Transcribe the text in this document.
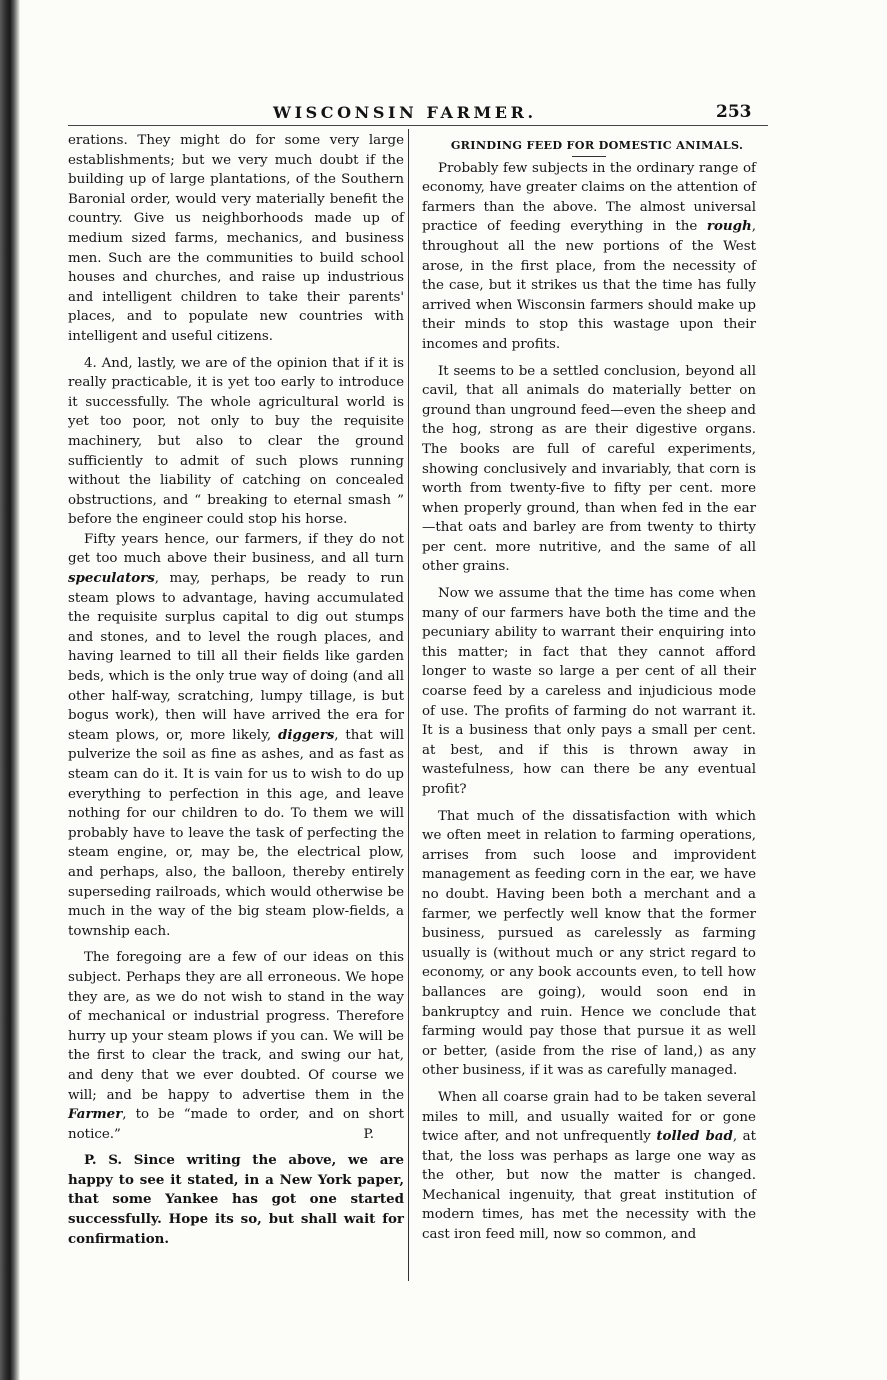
WISCONSIN FARMER.	253

erations. They might do for some very large establishments; but we very much doubt if the building up of large plantations, of the Southern Baronial order, would very materially benefit the country. Give us neighborhoods made up of medium sized farms, mechanics, and business men. Such are the communities to build school houses and churches, and raise up industrious and intelligent children to take their parents' places, and to populate new countries with intelligent and useful citizens.

4. And, lastly, we are of the opinion that if it is really practicable, it is yet too early to introduce it successfully. The whole agricultural world is yet too poor, not only to buy the requisite machinery, but also to clear the ground sufficiently to admit of such plows running without the liability of catching on concealed obstructions, and “ breaking to eternal smash ” before the engineer could stop his horse.

Fifty years hence, our farmers, if they do not get too much above their business, and all turn speculators, may, perhaps, be ready to run steam plows to advantage, having accumulated the requisite surplus capital to dig out stumps and stones, and to level the rough places, and having learned to till all their fields like garden beds, which is the only true way of doing (and all other half-way, scratching, lumpy tillage, is but bogus work), then will have arrived the era for steam plows, or, more likely, diggers, that will pulverize the soil as fine as ashes, and as fast as steam can do it. It is vain for us to wish to do up everything to perfection in this age, and leave nothing for our children to do. To them we will probably have to leave the task of perfecting the steam engine, or, may be, the electrical plow, and perhaps, also, the balloon, thereby entirely superseding railroads, which would otherwise be much in the way of the big steam plow-fields, a township each.

The foregoing are a few of our ideas on this subject. Perhaps they are all erroneous. We hope they are, as we do not wish to stand in the way of mechanical or industrial progress. Therefore hurry up your steam plows if you can. We will be the first to clear the track, and swing our hat, and deny that we ever doubted. Of course we will; and be happy to advertise them in the Farmer, to be “made to order, and on short notice.”	P.

P. S. Since writing the above, we are happy to see it stated, in a New York paper, that some Yankee has got one started successfully. Hope its so, but shall wait for confirmation.

GRINDING FEED FOR DOMESTIC ANIMALS.

Probably few subjects in the ordinary range of economy, have greater claims on the attention of farmers than the above. The almost universal practice of feeding everything in the rough, throughout all the new portions of the West arose, in the first place, from the necessity of the case, but it strikes us that the time has fully arrived when Wisconsin farmers should make up their minds to stop this wastage upon their incomes and profits.

It seems to be a settled conclusion, beyond all cavil, that all animals do materially better on ground than unground feed—even the sheep and the hog, strong as are their digestive organs. The books are full of careful experiments, showing conclusively and invariably, that corn is worth from twenty-five to fifty per cent. more when properly ground, than when fed in the ear—that oats and barley are from twenty to thirty per cent. more nutritive, and the same of all other grains.

Now we assume that the time has come when many of our farmers have both the time and the pecuniary ability to warrant their enquiring into this matter; in fact that they cannot afford longer to waste so large a per cent of all their coarse feed by a careless and injudicious mode of use. The profits of farming do not warrant it. It is a business that only pays a small per cent. at best, and if this is thrown away in wastefulness, how can there be any eventual profit?

That much of the dissatisfaction with which we often meet in relation to farming operations, arrises from such loose and improvident management as feeding corn in the ear, we have no doubt. Having been both a merchant and a farmer, we perfectly well know that the former business, pursued as carelessly as farming usually is (without much or any strict regard to economy, or any book accounts even, to tell how ballances are going), would soon end in bankruptcy and ruin. Hence we conclude that farming would pay those that pursue it as well or better, (aside from the rise of land,) as any other business, if it was as carefully managed.

When all coarse grain had to be taken several miles to mill, and usually waited for or gone twice after, and not unfrequently tolled bad, at that, the loss was perhaps as large one way as the other, but now the matter is changed. Mechanical ingenuity, that great institution of modern times, has met the necessity with the cast iron feed mill, now so common, and
